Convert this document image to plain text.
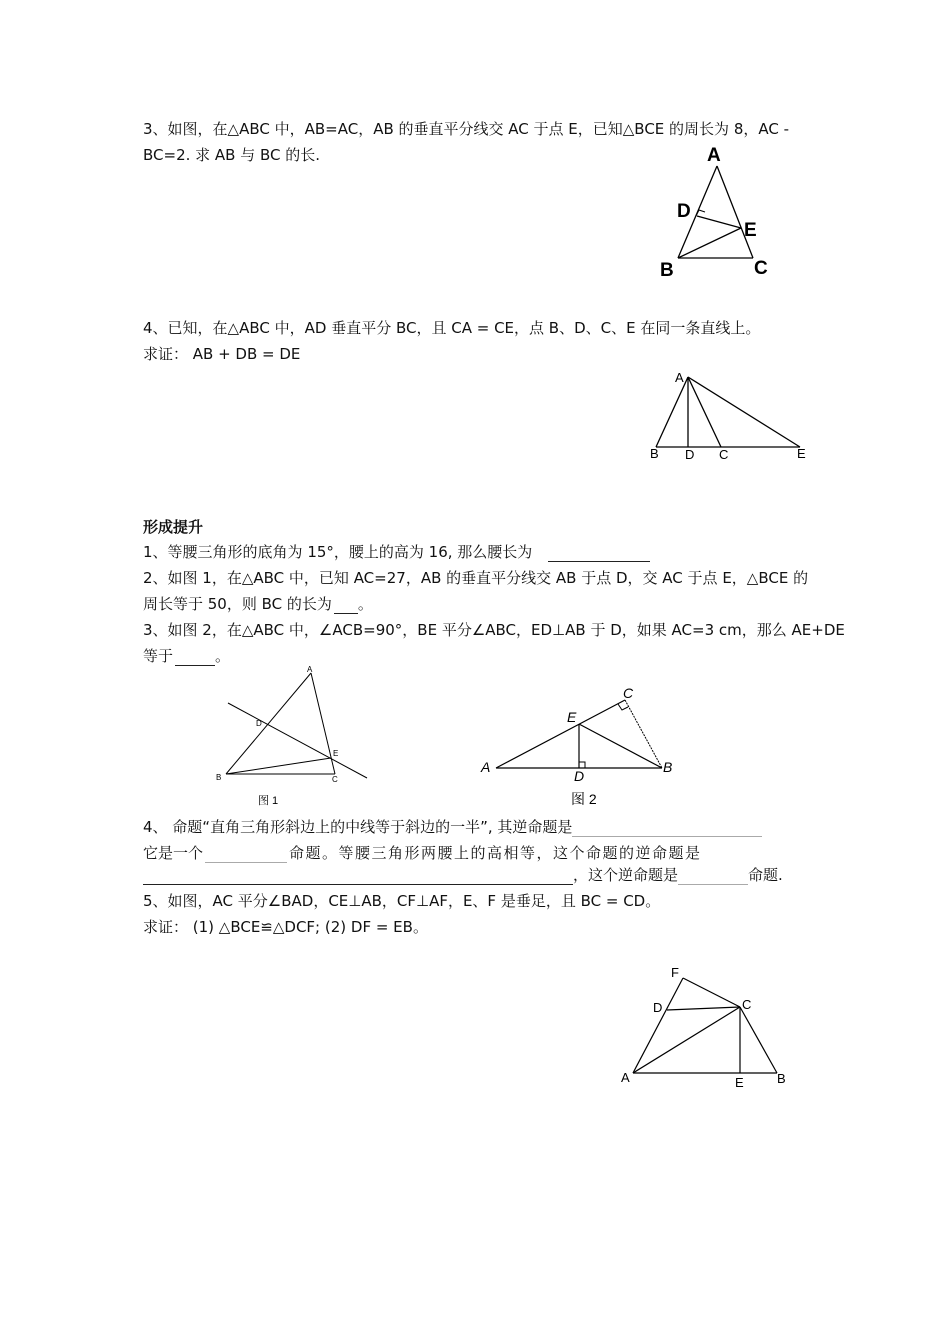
3、如图，在△ABC 中，AB=AC，AB 的垂直平分线交 AC 于点 E，已知△BCE 的周长为 8，AC -
BC=2. 求 AB 与 BC 的长.	A
D
E
B	C
4、已知，在△ABC 中，AD 垂直平分 BC，且 CA = CE，点 B、D、C、E 在同一条直线上。
求证： AB + DB = DE
A
B D C	E
形成提升
1、等腰三角形的底角为 15°，腰上的高为 16, 那么腰长为
2、如图 1，在△ABC 中，已知 AC=27，AB 的垂直平分线交 AB 于点 D，交 AC 于点 E，△BCE 的
周长等于 50，则 BC 的长为 。
3、如图 2，在△ABC 中，∠ACB=90°，BE 平分∠ABC，ED⊥AB 于 D，如果 AC=3 cm，那么 AE+DE
等于	。
A
D
E
B	C
图 1
C
E
A
D
B
图 2
4、 命题“直角三角形斜边上的中线等于斜边的一半”, 其逆命题是
它是一个	命题。等腰三角形两腰上的高相等，这个命题的逆命题是
，这个逆命题是	命题.
5、如图，AC 平分∠BAD，CE⊥AB，CF⊥AF，E、F 是垂足，且 BC = CD。
求证： (1) △BCE≌△DCF; (2) DF = EB。
F
D	C
A	E	B
